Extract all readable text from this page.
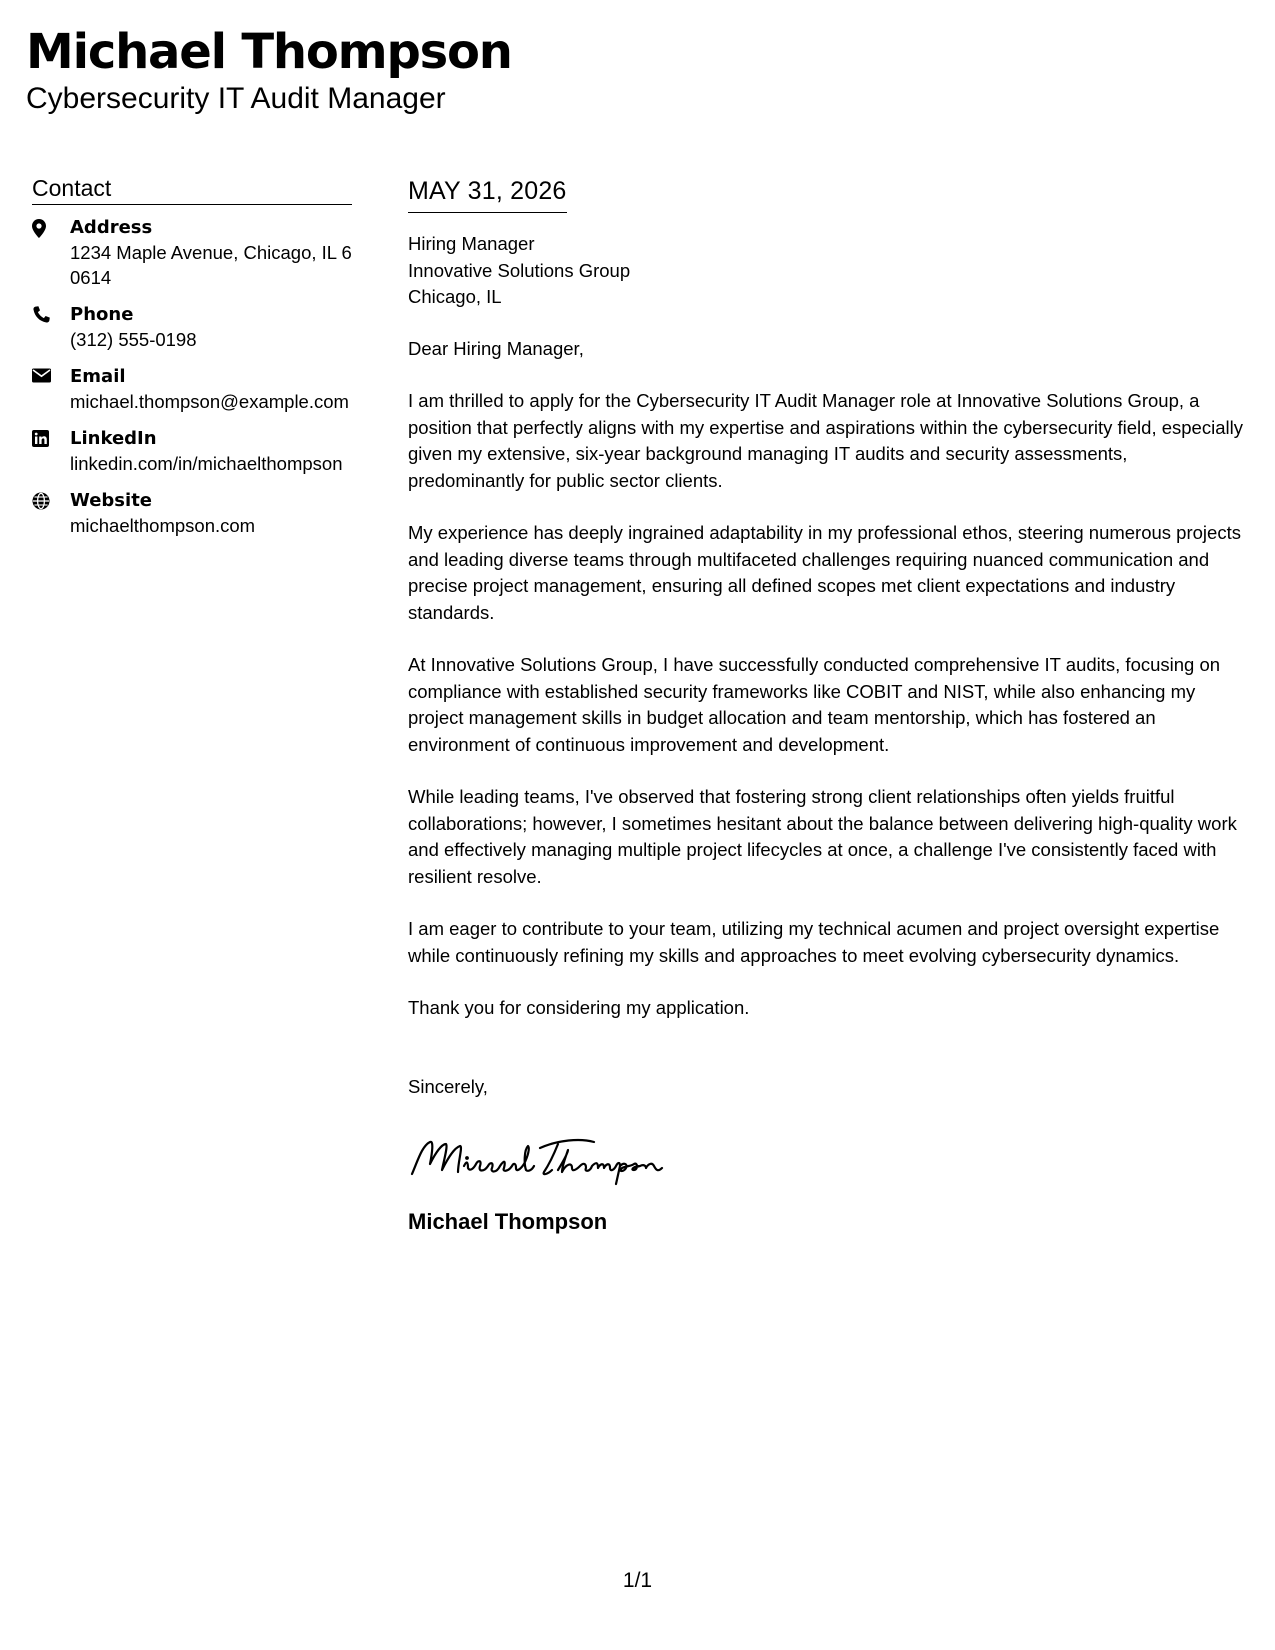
Michael Thompson
Cybersecurity IT Audit Manager
Contact
Address
1234 Maple Avenue, Chicago, IL 60614
Phone
(312) 555-0198
Email
michael.thompson@example.com
LinkedIn
linkedin.com/in/michaelthompson
Website
michaelthompson.com
MAY 31, 2026
Hiring Manager
Innovative Solutions Group
Chicago, IL

Dear Hiring Manager,

I am thrilled to apply for the Cybersecurity IT Audit Manager role at Innovative Solutions Group, a position that perfectly aligns with my expertise and aspirations within the cybersecurity field, especially given my extensive, six-year background managing IT audits and security assessments, predominantly for public sector clients.

My experience has deeply ingrained adaptability in my professional ethos, steering numerous projects and leading diverse teams through multifaceted challenges requiring nuanced communication and precise project management, ensuring all defined scopes met client expectations and industry standards.

At Innovative Solutions Group, I have successfully conducted comprehensive IT audits, focusing on compliance with established security frameworks like COBIT and NIST, while also enhancing my project management skills in budget allocation and team mentorship, which has fostered an environment of continuous improvement and development.

While leading teams, I've observed that fostering strong client relationships often yields fruitful collaborations; however, I sometimes hesitant about the balance between delivering high-quality work and effectively managing multiple project lifecycles at once, a challenge I've consistently faced with resilient resolve.

I am eager to contribute to your team, utilizing my technical acumen and project oversight expertise while continuously refining my skills and approaches to meet evolving cybersecurity dynamics.

Thank you for considering my application.

Sincerely,

Michael Thompson
1/1
